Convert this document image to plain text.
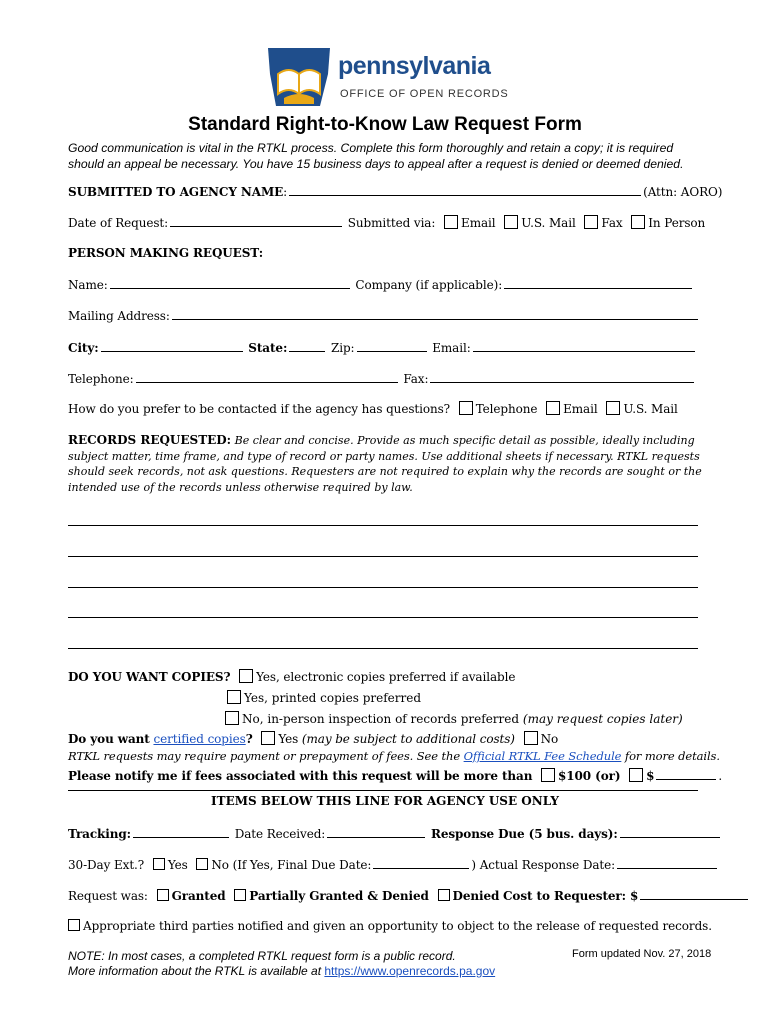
pennsylvania
OFFICE OF OPEN RECORDS
Standard Right-to-Know Law Request Form
Good communication is vital in the RTKL process. Complete this form thoroughly and retain a copy; it is required should an appeal be necessary. You have 15 business days to appeal after a request is denied or deemed denied.
SUBMITTED TO AGENCY NAME:	(Attn: AORO)
Date of Request:	Submitted via: Email U.S. Mail Fax In Person
PERSON MAKING REQUEST:
Name:	Company (if applicable):
Mailing Address:
City:	State:	Zip:	Email:
Telephone:	Fax:
How do you prefer to be contacted if the agency has questions? Telephone Email U.S. Mail
RECORDS REQUESTED: Be clear and concise. Provide as much specific detail as possible, ideally including subject matter, time frame, and type of record or party names. Use additional sheets if necessary. RTKL requests should seek records, not ask questions. Requesters are not required to explain why the records are sought or the intended use of the records unless otherwise required by law.
DO YOU WANT COPIES? Yes, electronic copies preferred if available
Yes, printed copies preferred
No, in-person inspection of records preferred (may request copies later)
Do you want certified copies? Yes (may be subject to additional costs) No
RTKL requests may require payment or prepayment of fees. See the Official RTKL Fee Schedule for more details.
Please notify me if fees associated with this request will be more than $100 (or) $	.
ITEMS BELOW THIS LINE FOR AGENCY USE ONLY
Tracking:	Date Received:	Response Due (5 bus. days):
30-Day Ext.? Yes No (If Yes, Final Due Date:	) Actual Response Date:
Request was: Granted Partially Granted & Denied Denied Cost to Requester: $
Appropriate third parties notified and given an opportunity to object to the release of requested records.
NOTE: In most cases, a completed RTKL request form is a public record.
More information about the RTKL is available at https://www.openrecords.pa.gov
Form updated Nov. 27, 2018
